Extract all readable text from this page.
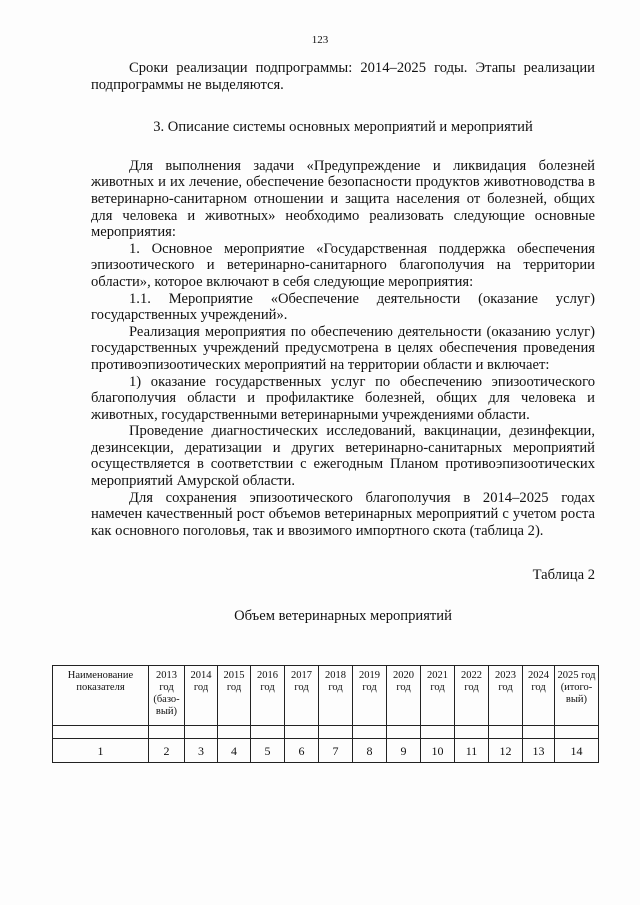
123

Сроки реализации подпрограммы: 2014–2025 годы. Этапы реализации подпрограммы не выделяются.

3. Описание системы основных мероприятий и мероприятий

Для выполнения задачи «Предупреждение и ликвидация болезней животных и их лечение, обеспечение безопасности продуктов животноводства в ветеринарно-санитарном отношении и защита населения от болезней, общих для человека и животных» необходимо реализовать следующие основные мероприятия:

1. Основное мероприятие «Государственная поддержка обеспечения эпизоотического и ветеринарно-санитарного благополучия на территории области», которое включают в себя следующие мероприятия:

1.1. Мероприятие «Обеспечение деятельности (оказание услуг) государственных учреждений».

Реализация мероприятия по обеспечению деятельности (оказанию услуг) государственных учреждений предусмотрена в целях обеспечения проведения противоэпизоотических мероприятий на территории области и включает:

1) оказание государственных услуг по обеспечению эпизоотического благополучия области и профилактике болезней, общих для человека и животных, государственными ветеринарными учреждениями области.

Проведение диагностических исследований, вакцинации, дезинфекции, дезинсекции, дератизации и других ветеринарно-санитарных мероприятий осуществляется в соответствии с ежегодным Планом противоэпизоотических мероприятий Амурской области.

Для сохранения эпизоотического благополучия в 2014–2025 годах намечен качественный рост объемов ветеринарных мероприятий с учетом роста как основного поголовья, так и ввозимого импортного скота (таблица 2).

Таблица 2

Объем ветеринарных мероприятий

Наименование показателя	2013 год (базо-вый)	2014 год	2015 год	2016 год	2017 год	2018 год	2019 год	2020 год	2021 год	2022 год	2023 год	2024 год	2025 год (итого-вый)

1	2	3	4	5	6	7	8	9	10	11	12	13	14
